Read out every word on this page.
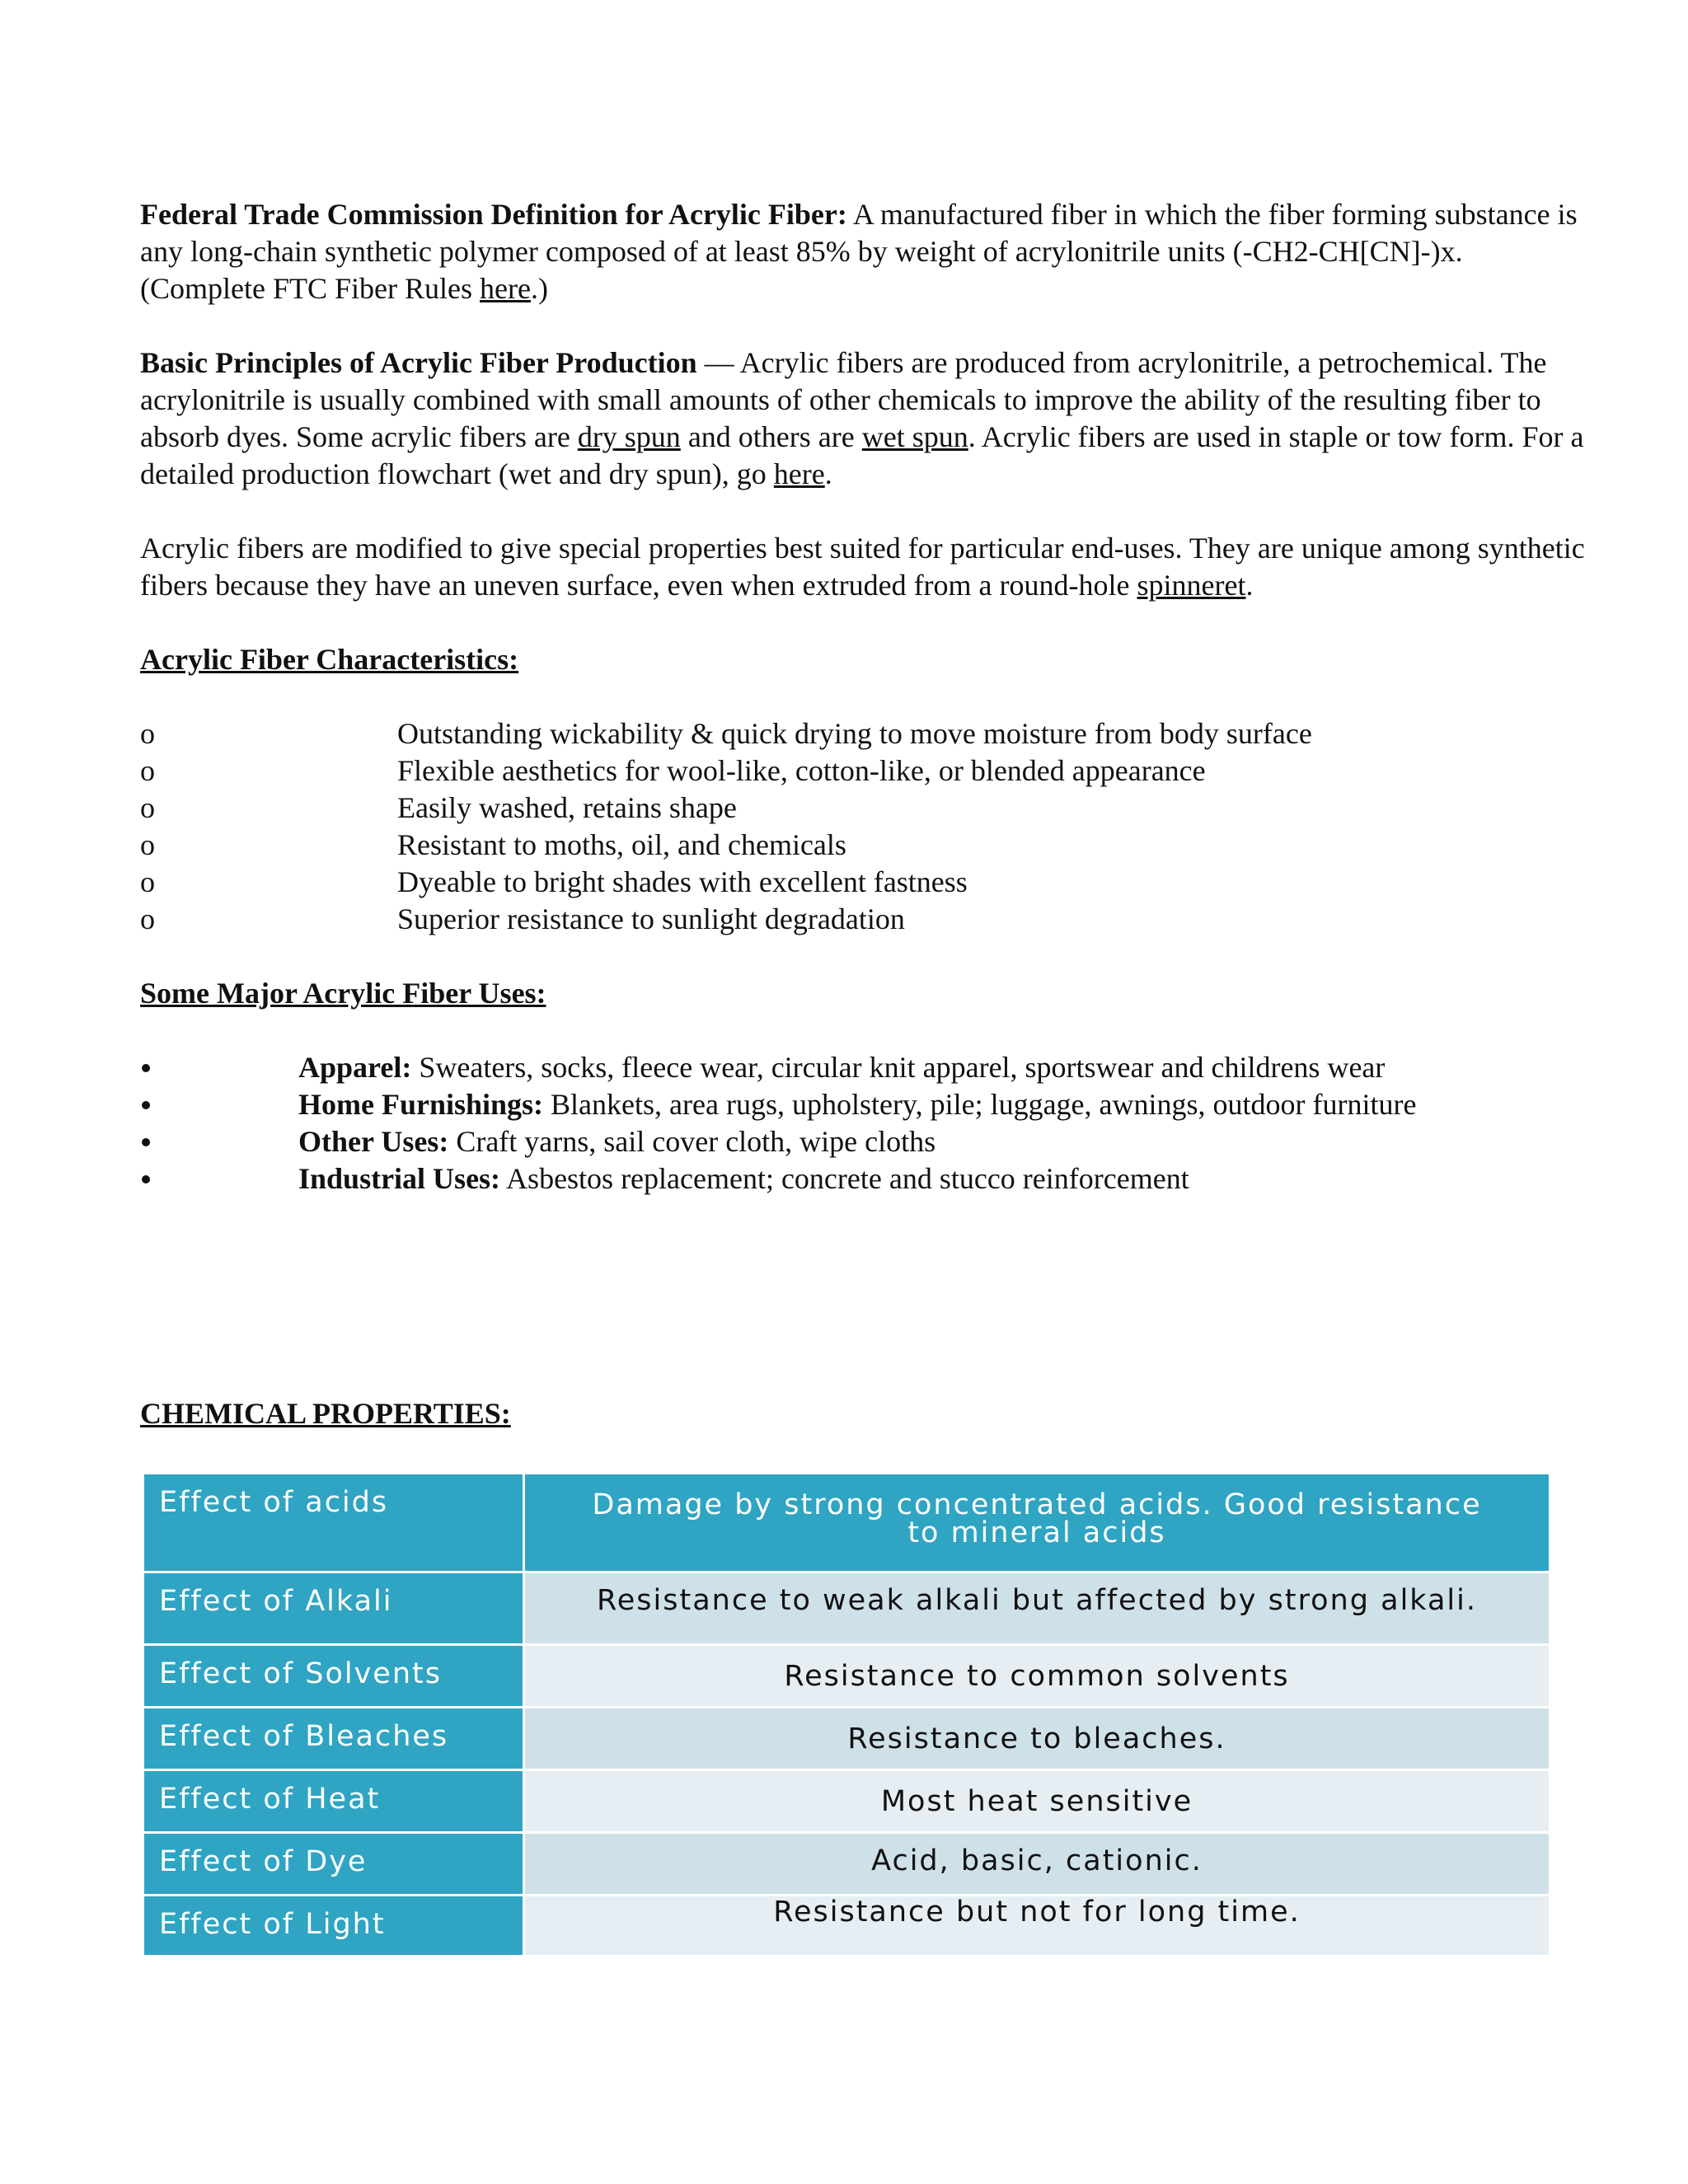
Federal Trade Commission Definition for Acrylic Fiber: A manufactured fiber in which the fiber forming substance is any long-chain synthetic polymer composed of at least 85% by weight of acrylonitrile units (-CH2-CH[CN]-)x. (Complete FTC Fiber Rules here.)

Basic Principles of Acrylic Fiber Production — Acrylic fibers are produced from acrylonitrile, a petrochemical. The acrylonitrile is usually combined with small amounts of other chemicals to improve the ability of the resulting fiber to absorb dyes. Some acrylic fibers are dry spun and others are wet spun. Acrylic fibers are used in staple or tow form. For a detailed production flowchart (wet and dry spun), go here.

Acrylic fibers are modified to give special properties best suited for particular end-uses. They are unique among synthetic fibers because they have an uneven surface, even when extruded from a round-hole spinneret.

Acrylic Fiber Characteristics:

o	Outstanding wickability & quick drying to move moisture from body surface
o	Flexible aesthetics for wool-like, cotton-like, or blended appearance
o	Easily washed, retains shape
o	Resistant to moths, oil, and chemicals
o	Dyeable to bright shades with excellent fastness
o	Superior resistance to sunlight degradation

Some Major Acrylic Fiber Uses:

Apparel: Sweaters, socks, fleece wear, circular knit apparel, sportswear and childrens wear
Home Furnishings: Blankets, area rugs, upholstery, pile; luggage, awnings, outdoor furniture
Other Uses: Craft yarns, sail cover cloth, wipe cloths
Industrial Uses: Asbestos replacement; concrete and stucco reinforcement

CHEMICAL PROPERTIES:

Effect of acids	Damage by strong concentrated acids. Good resistance to mineral acids
Effect of Alkali	Resistance to weak alkali but affected by strong alkali.
Effect of Solvents	Resistance to common solvents
Effect of Bleaches	Resistance to bleaches.
Effect of Heat	Most heat sensitive
Effect of Dye	Acid, basic, cationic.
Effect of Light	Resistance but not for long time.
